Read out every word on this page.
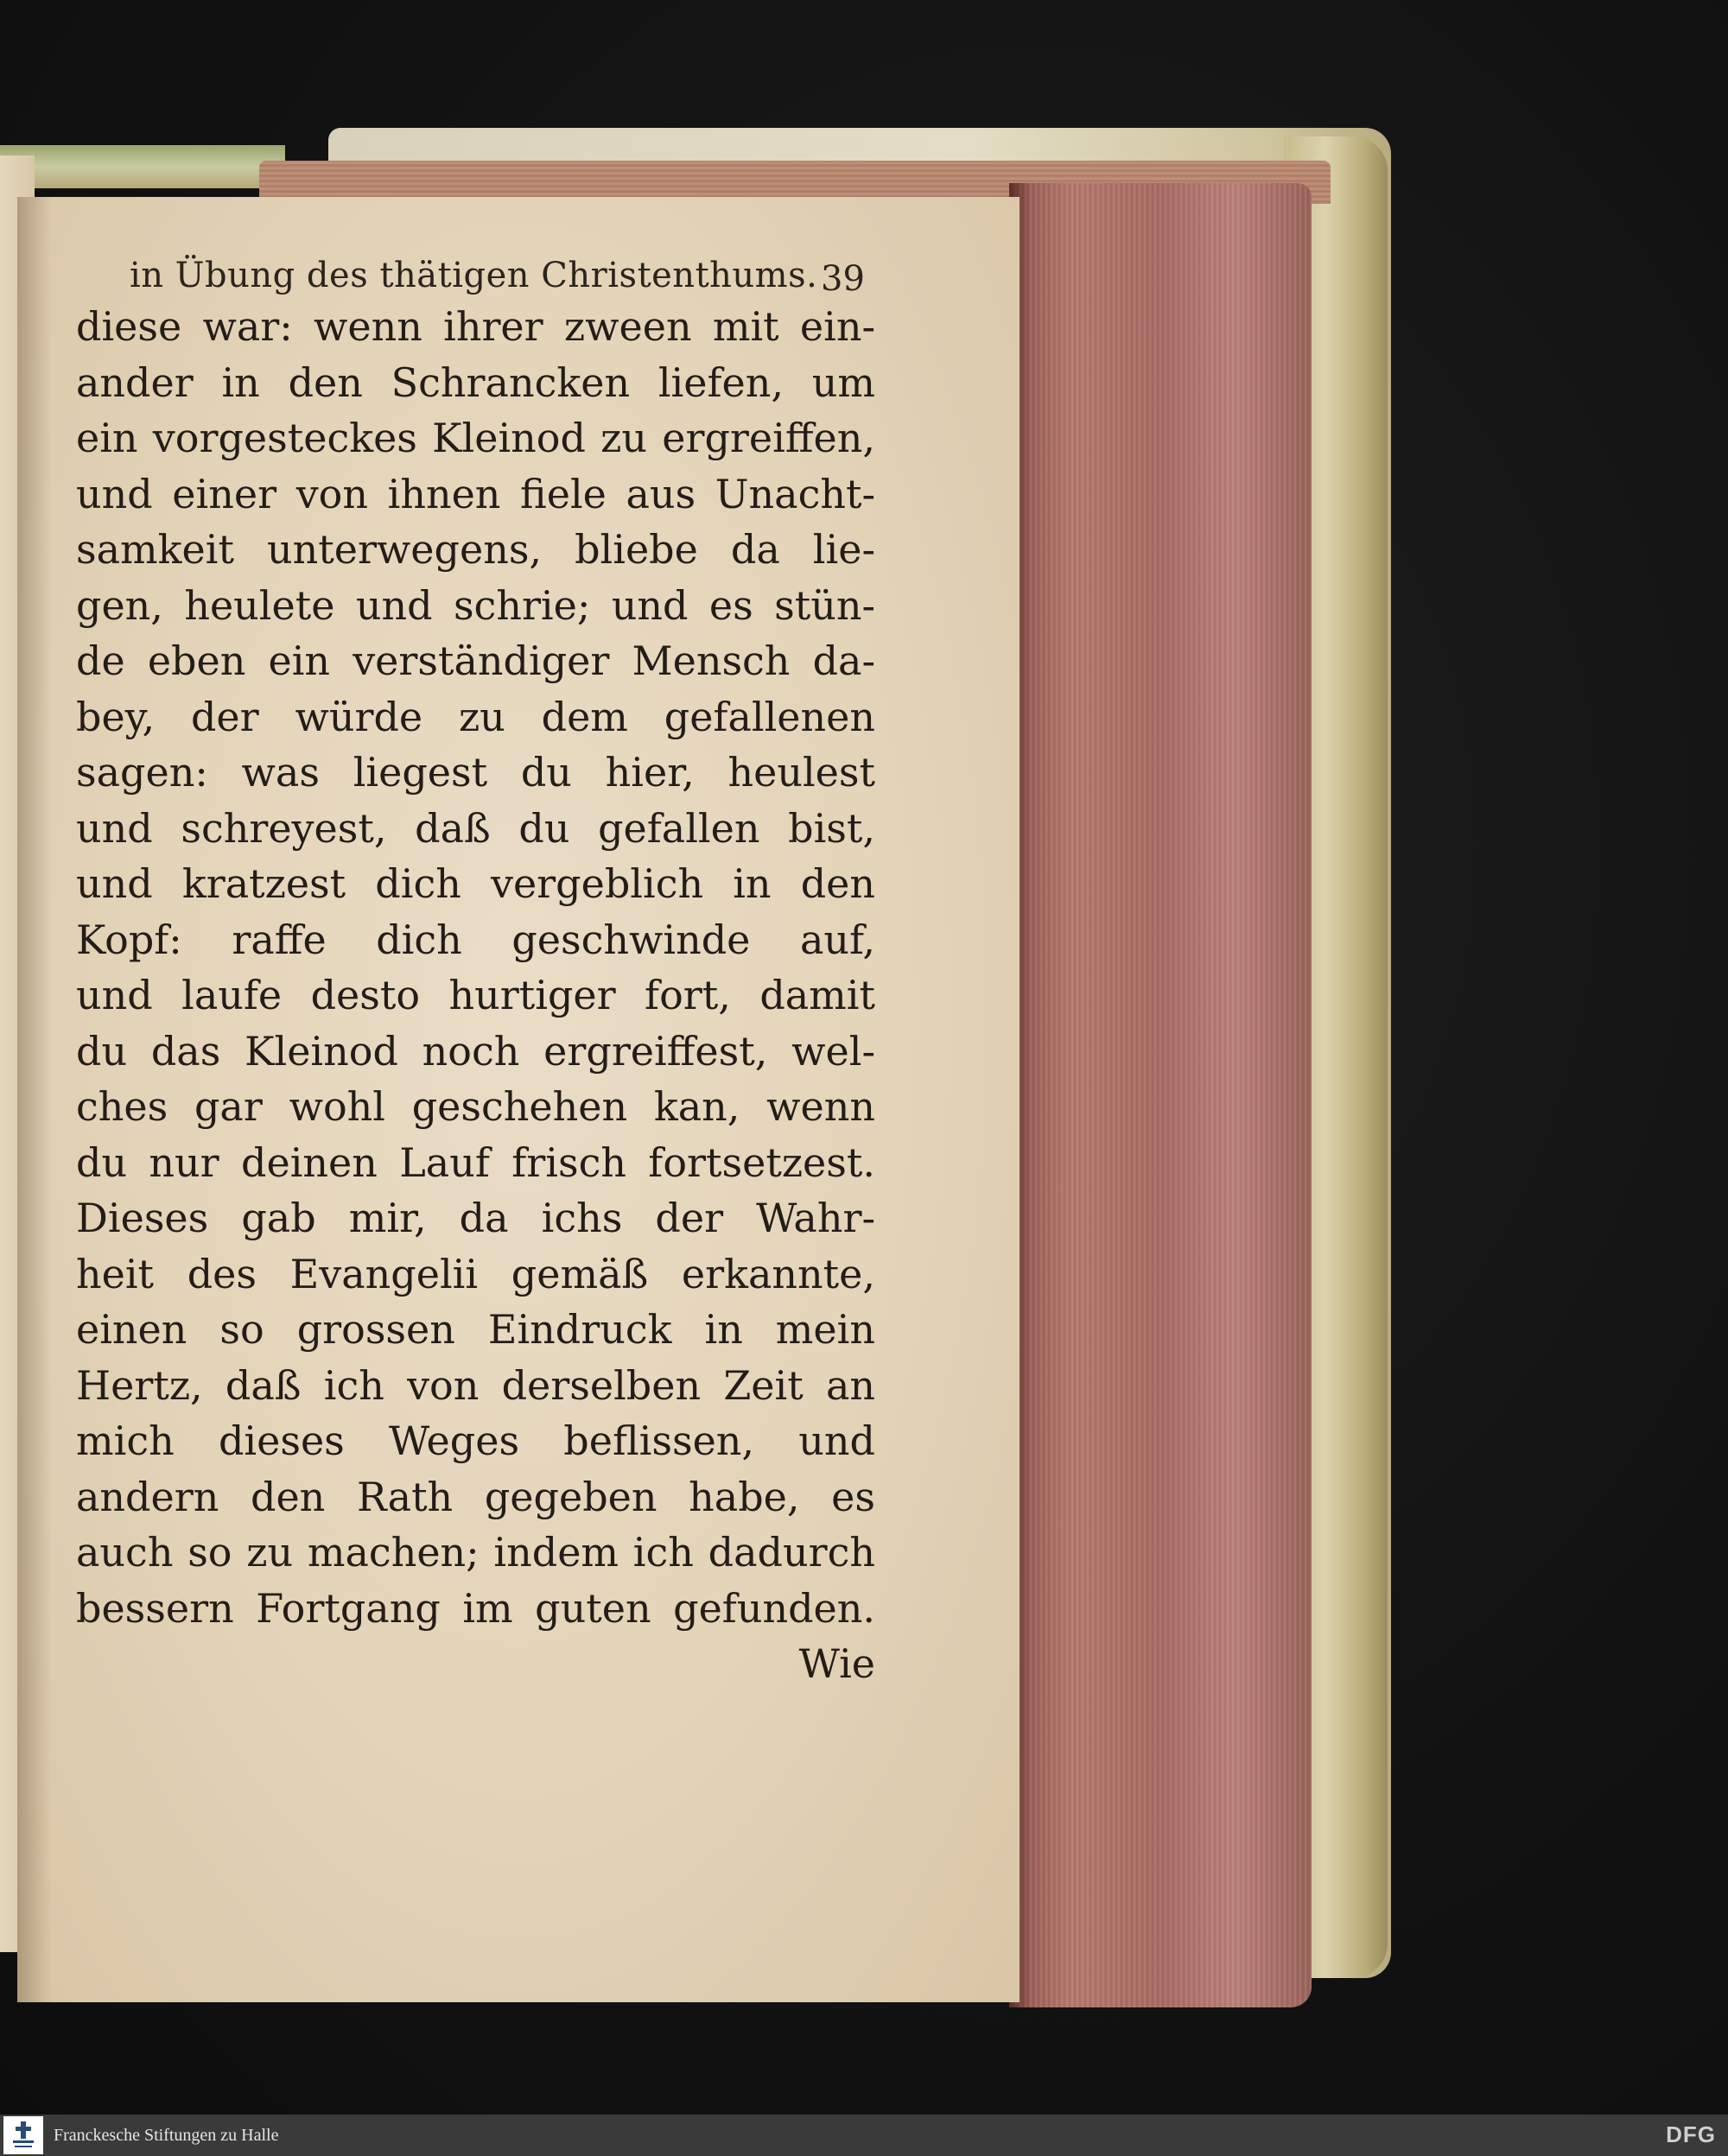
in Übung des thätigen Christenthums. 39
diese war: wenn ihrer zween mit ein-
ander in den Schrancken liefen, um
ein vorgesteckes Kleinod zu ergreiffen,
und einer von ihnen fiele aus Unacht-
samkeit unterwegens, bliebe da lie-
gen, heulete und schrie; und es stün-
de eben ein verständiger Mensch da-
bey, der würde zu dem gefallenen
sagen: was liegest du hier, heulest
und schreyest, daß du gefallen bist,
und kratzest dich vergeblich in den
Kopf: raffe dich geschwinde auf,
und laufe desto hurtiger fort, damit
du das Kleinod noch ergreiffest, wel-
ches gar wohl geschehen kan, wenn
du nur deinen Lauf frisch fortsetzest.
Dieses gab mir, da ichs der Wahr-
heit des Evangelii gemäß erkannte,
einen so grossen Eindruck in mein
Hertz, daß ich von derselben Zeit an
mich dieses Weges beflissen, und
andern den Rath gegeben habe, es
auch so zu machen; indem ich dadurch
bessern Fortgang im guten gefunden.
Wie
Franckesche Stiftungen zu Halle	DFG
